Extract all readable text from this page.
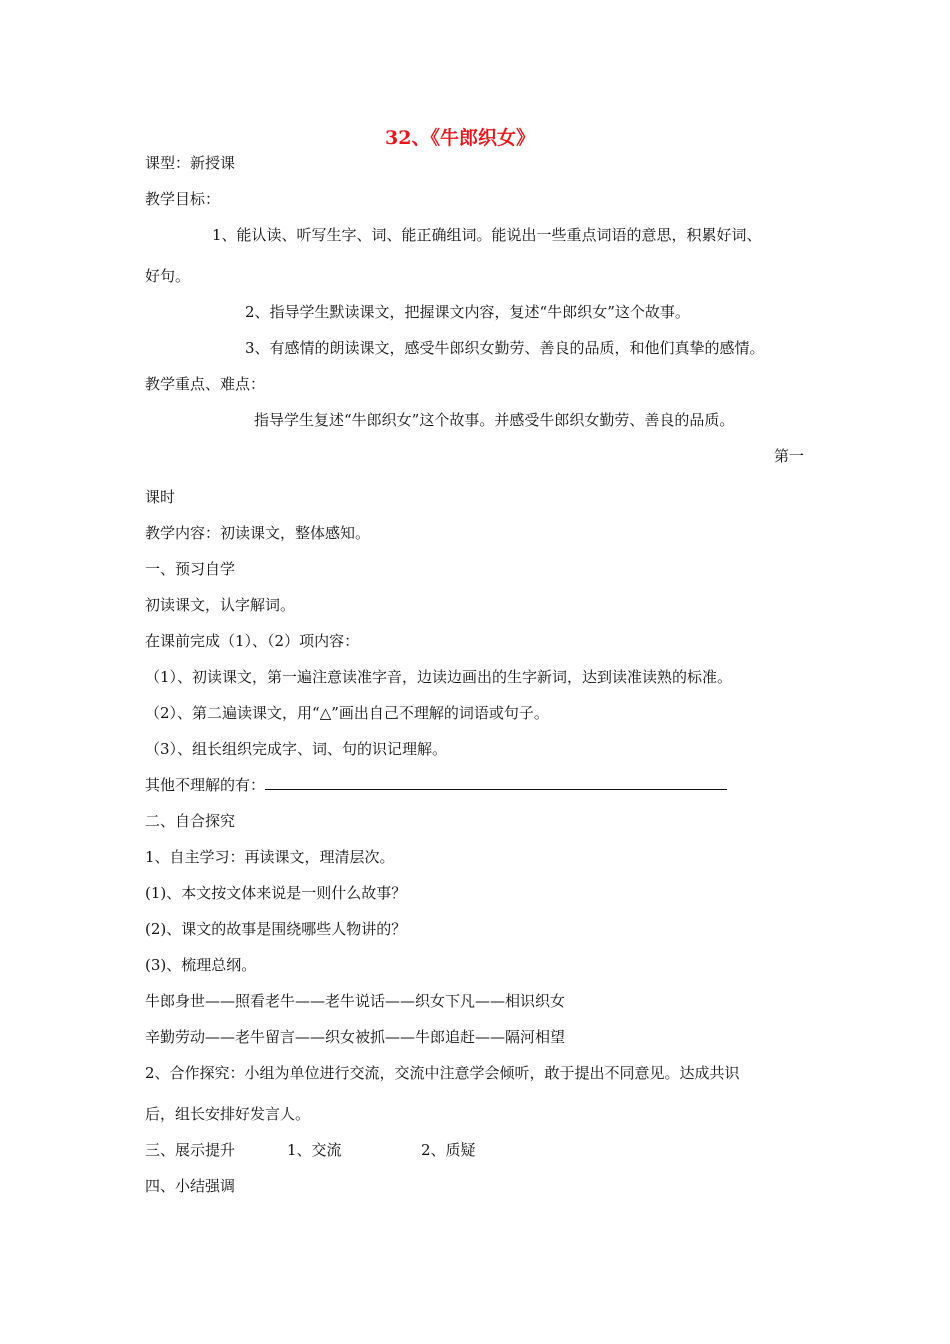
32、《牛郎织女》
课型：新授课
教学目标：
1、能认读、听写生字、词、能正确组词。能说出一些重点词语的意思，积累好词、
好句。
2、指导学生默读课文，把握课文内容，复述“牛郎织女”这个故事。
3、有感情的朗读课文，感受牛郎织女勤劳、善良的品质，和他们真挚的感情。
教学重点、难点：
指导学生复述“牛郎织女”这个故事。并感受牛郎织女勤劳、善良的品质。
第一
课时
教学内容：初读课文，整体感知。
一、预习自学
初读课文，认字解词。
在课前完成（1）、（2）项内容：
（1）、初读课文，第一遍注意读准字音，边读边画出的生字新词，达到读准读熟的标准。
（2）、第二遍读课文，用“△”画出自己不理解的词语或句子。
（3）、组长组织完成字、词、句的识记理解。
其他不理解的有：
二、自合探究
1、自主学习：再读课文，理清层次。
(1)、本文按文体来说是一则什么故事？
(2)、课文的故事是围绕哪些人物讲的？
(3)、梳理总纲。
牛郎身世——照看老牛——老牛说话——织女下凡——相识织女
辛勤劳动——老牛留言——织女被抓——牛郎追赶——隔河相望
2、合作探究：小组为单位进行交流，交流中注意学会倾听，敢于提出不同意见。达成共识
后，组长安排好发言人。
三、展示提升	1、交流	2、质疑
四、小结强调
